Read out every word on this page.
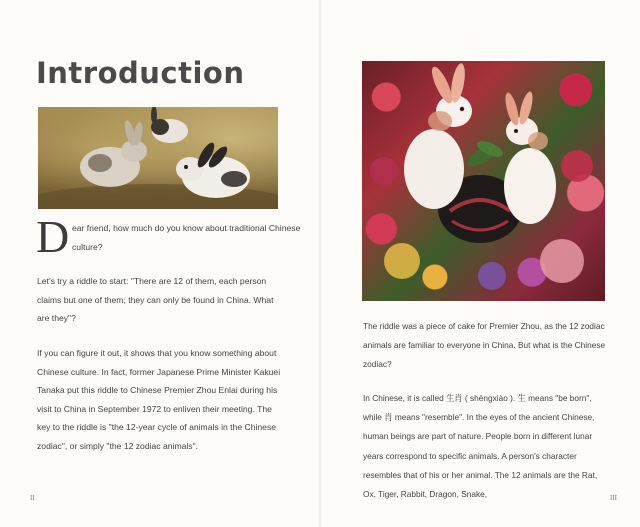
Introduction
D ear friend, how much do you know about traditional Chinese culture?
Let's try a riddle to start: "There are 12 of them, each person claims but one of them; they can only be found in China. What are they"?
If you can figure it out, it shows that you know something about Chinese culture. In fact, former Japanese Prime Minister Kakuei Tanaka put this riddle to Chinese Premier Zhou Enlai during his visit to China in September 1972 to enliven their meeting. The key to the riddle is "the 12-year cycle of animals in the Chinese zodiac", or simply "the 12 zodiac animals".
II
The riddle was a piece of cake for Premier Zhou, as the 12 zodiac animals are familiar to everyone in China. But what is the Chinese zodiac?
In Chinese, it is called 生肖 ( shēngxiào ). 生 means "be born", while 肖 means "resemble". In the eyes of the ancient Chinese, human beings are part of nature. People born in different lunar years correspond to specific animals. A person's character resembles that of his or her animal. The 12 animals are the Rat, Ox, Tiger, Rabbit, Dragon, Snake,	III
